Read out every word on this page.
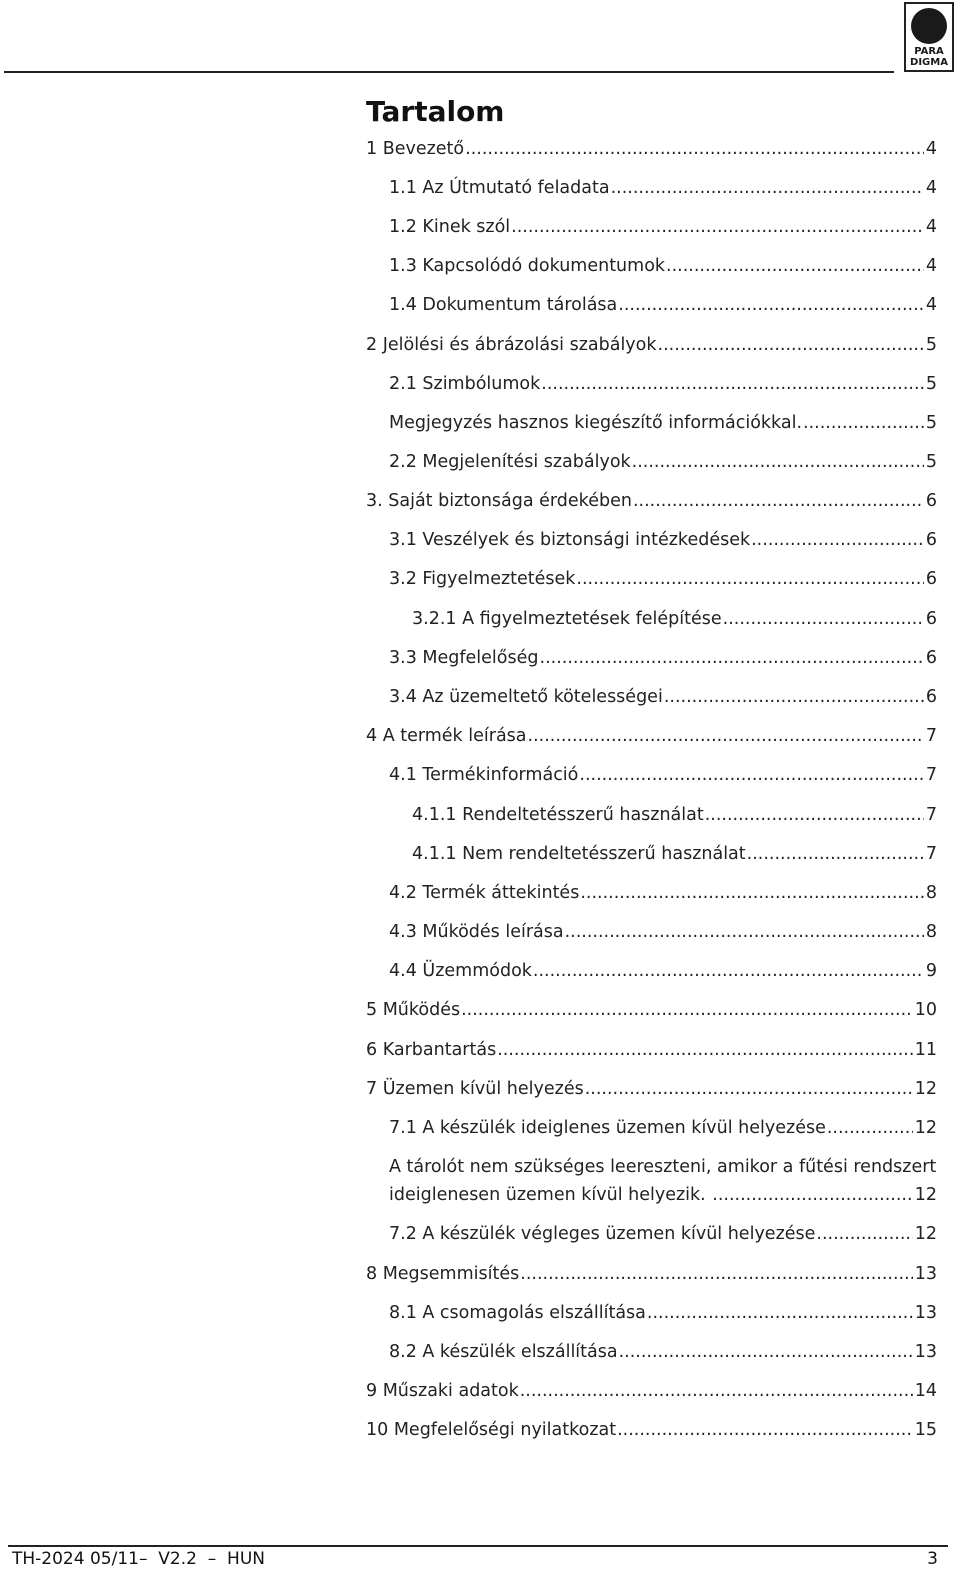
PARA
DIGMA
Tartalom
1 Bevezető .....	4
1.1 Az Útmutató feladata .....	4
1.2 Kinek szól .....	4
1.3 Kapcsolódó dokumentumok .....	4
1.4 Dokumentum tárolása .....	4
2 Jelölési és ábrázolási szabályok .....	5
2.1 Szimbólumok .....	5
Megjegyzés hasznos kiegészítő információkkal. .....	5
2.2 Megjelenítési szabályok .....	5
3. Saját biztonsága érdekében .....	6
3.1 Veszélyek és biztonsági intézkedések .....	6
3.2 Figyelmeztetések .....	6
3.2.1 A figyelmeztetések felépítése .....	6
3.3 Megfelelőség .....	6
3.4 Az üzemeltető kötelességei .....	6
4 A termék leírása .....	7
4.1 Termékinformáció .....	7
4.1.1 Rendeltetésszerű használat .....	7
4.1.1 Nem rendeltetésszerű használat .....	7
4.2 Termék áttekintés .....	8
4.3 Működés leírása .....	8
4.4 Üzemmódok .....	9
5 Működés .....	10
6 Karbantartás .....	11
7 Üzemen kívül helyezés .....	12
7.1 A készülék ideiglenes üzemen kívül helyezése .....	12
A tárolót nem szükséges leereszteni, amikor a fűtési rendszert
ideiglenesen üzemen kívül helyezik. .....	12
7.2 A készülék végleges üzemen kívül helyezése .....	12
8 Megsemmisítés .....	13
8.1 A csomagolás elszállítása .....	13
8.2 A készülék elszállítása .....	13
9 Műszaki adatok .....	14
10 Megfelelőségi nyilatkozat .....	15
TH-2024 05/11–  V2.2  –  HUN	3
